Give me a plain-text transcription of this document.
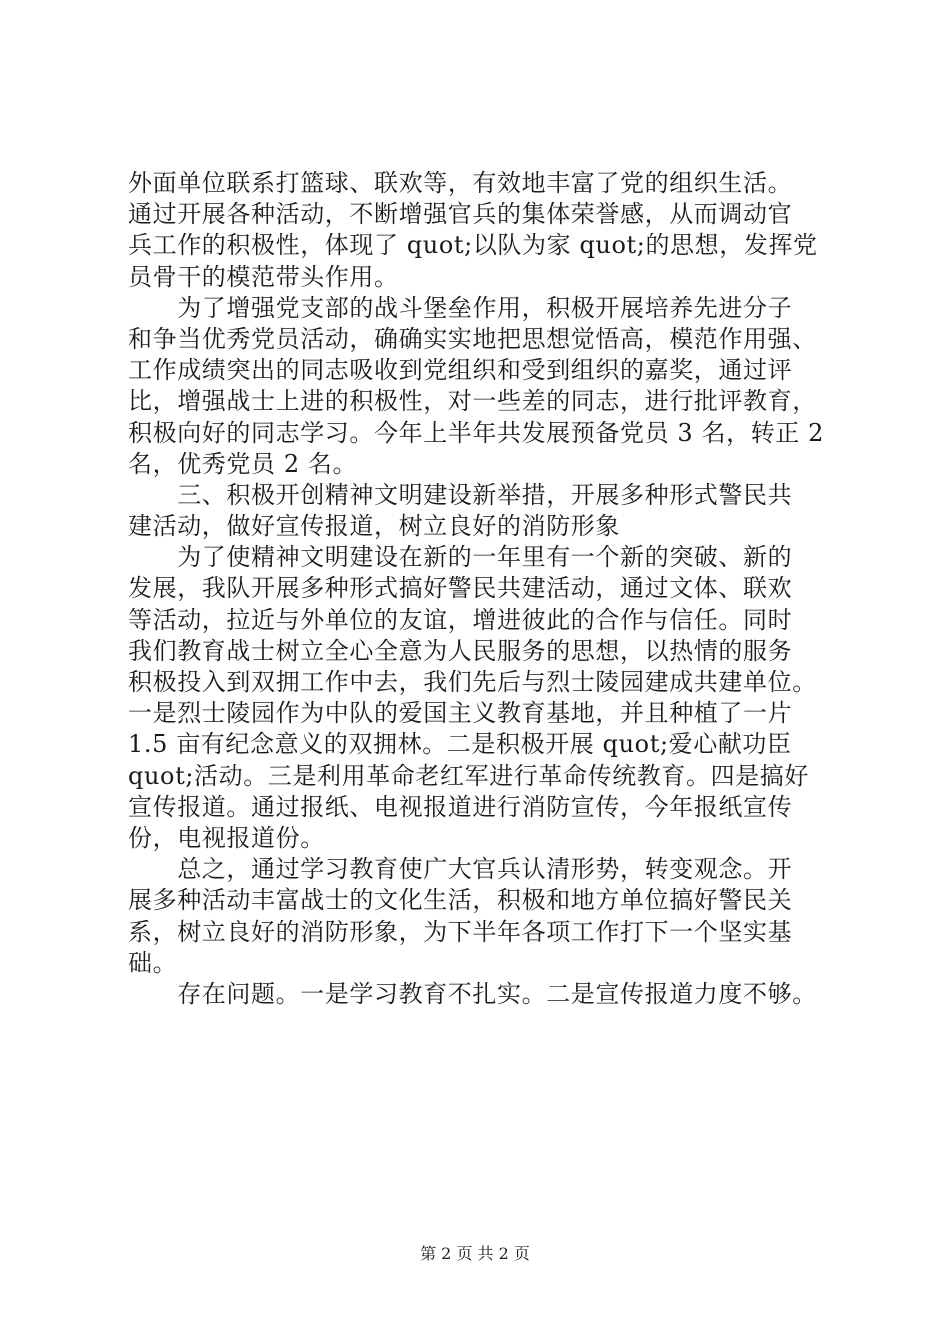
外面单位联系打篮球、联欢等，有效地丰富了党的组织生活。
通过开展各种活动，不断增强官兵的集体荣誉感，从而调动官
兵工作的积极性，体现了 quot;以队为家 quot;的思想，发挥党
员骨干的模范带头作用。
　　为了增强党支部的战斗堡垒作用，积极开展培养先进分子
和争当优秀党员活动，确确实实地把思想觉悟高，模范作用强、
工作成绩突出的同志吸收到党组织和受到组织的嘉奖，通过评
比，增强战士上进的积极性，对一些差的同志，进行批评教育，
积极向好的同志学习。今年上半年共发展预备党员 3 名，转正 2
名，优秀党员 2 名。
　　三、积极开创精神文明建设新举措，开展多种形式警民共
建活动，做好宣传报道，树立良好的消防形象
　　为了使精神文明建设在新的一年里有一个新的突破、新的
发展，我队开展多种形式搞好警民共建活动，通过文体、联欢
等活动，拉近与外单位的友谊，增进彼此的合作与信任。同时
我们教育战士树立全心全意为人民服务的思想，以热情的服务
积极投入到双拥工作中去，我们先后与烈士陵园建成共建单位。
一是烈士陵园作为中队的爱国主义教育基地，并且种植了一片
1.5 亩有纪念意义的双拥林。二是积极开展 quot;爱心献功臣
quot;活动。三是利用革命老红军进行革命传统教育。四是搞好
宣传报道。通过报纸、电视报道进行消防宣传，今年报纸宣传
份，电视报道份。
　　总之，通过学习教育使广大官兵认清形势，转变观念。开
展多种活动丰富战士的文化生活，积极和地方单位搞好警民关
系，树立良好的消防形象，为下半年各项工作打下一个坚实基
础。
　　存在问题。一是学习教育不扎实。二是宣传报道力度不够。
第 2 页 共 2 页
